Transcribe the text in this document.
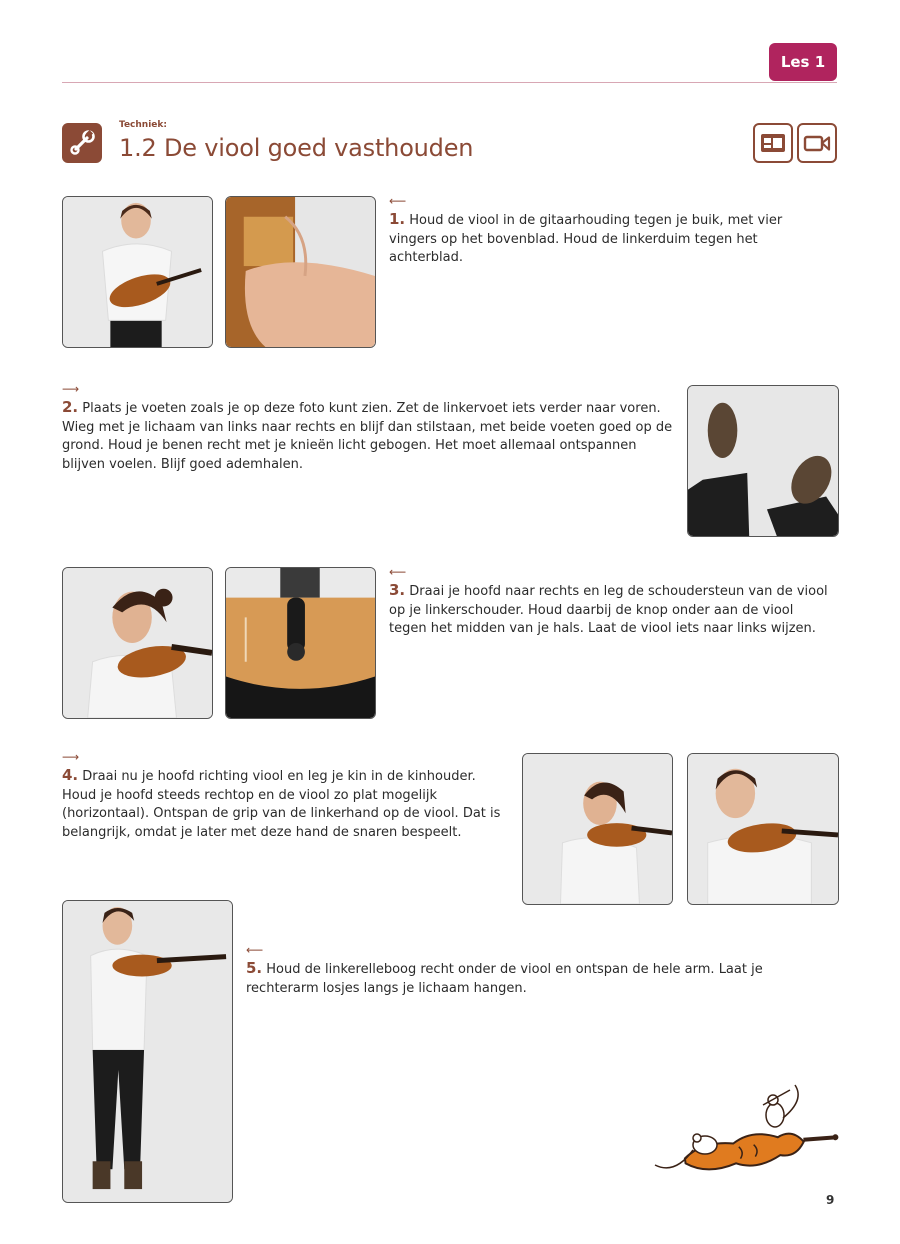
Les 1
Techniek:
1.2 De viool goed vasthouden
⟵
1. Houd de viool in de gitaarhouding tegen je buik, met vier vingers op het bovenblad. Houd de linkerduim tegen het achterblad.
⟶
2. Plaats je voeten zoals je op deze foto kunt zien. Zet de linkervoet iets verder naar voren. Wieg met je lichaam van links naar rechts en blijf dan stilstaan, met beide voeten goed op de grond. Houd je benen recht met je knieën licht gebogen. Het moet allemaal ontspannen blijven voelen. Blijf goed ademhalen.
⟵
3. Draai je hoofd naar rechts en leg de schoudersteun van de viool op je linkerschouder. Houd daarbij de knop onder aan de viool tegen het midden van je hals. Laat de viool iets naar links wijzen.
⟶
4. Draai nu je hoofd richting viool en leg je kin in de kinhouder. Houd je hoofd steeds rechtop en de viool zo plat mogelijk (horizontaal). Ontspan de grip van de linkerhand op de viool. Dat is belangrijk, omdat je later met deze hand de snaren bespeelt.
⟵
5. Houd de linkerelleboog recht onder de viool en ontspan de hele arm. Laat je rechterarm losjes langs je lichaam hangen.
9
